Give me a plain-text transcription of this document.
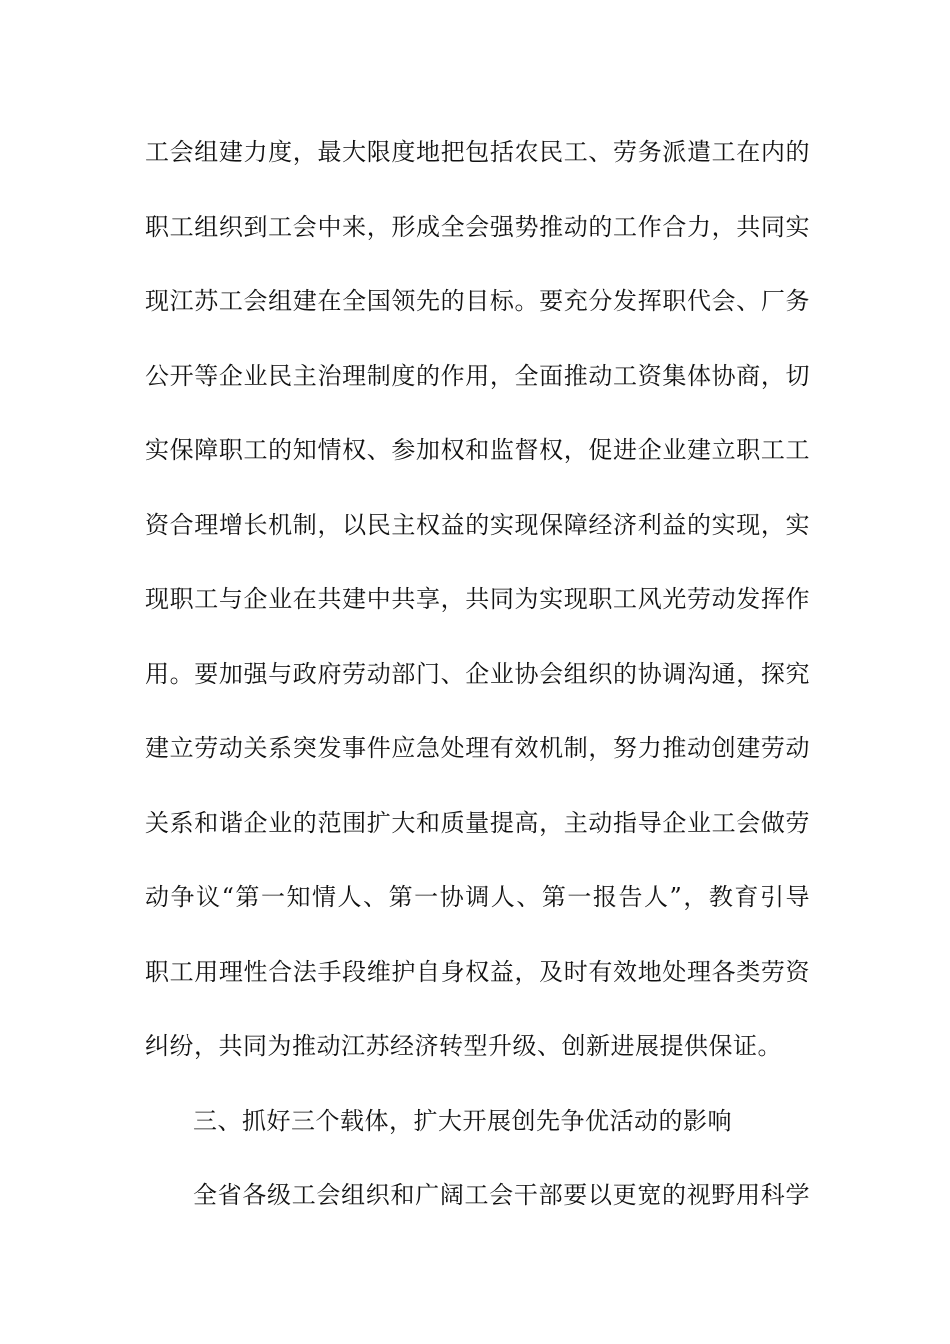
工会组建力度，最大限度地把包括农民工、劳务派遣工在内的
职工组织到工会中来，形成全会强势推动的工作合力，共同实
现江苏工会组建在全国领先的目标。要充分发挥职代会、厂务
公开等企业民主治理制度的作用，全面推动工资集体协商，切
实保障职工的知情权、参加权和监督权，促进企业建立职工工
资合理增长机制，以民主权益的实现保障经济利益的实现，实
现职工与企业在共建中共享，共同为实现职工风光劳动发挥作
用。要加强与政府劳动部门、企业协会组织的协调沟通，探究
建立劳动关系突发事件应急处理有效机制，努力推动创建劳动
关系和谐企业的范围扩大和质量提高，主动指导企业工会做劳
动争议“第一知情人、第一协调人、第一报告人”，教育引导
职工用理性合法手段维护自身权益，及时有效地处理各类劳资
纠纷，共同为推动江苏经济转型升级、创新进展提供保证。
三、抓好三个载体，扩大开展创先争优活动的影响
全省各级工会组织和广阔工会干部要以更宽的视野用科学
